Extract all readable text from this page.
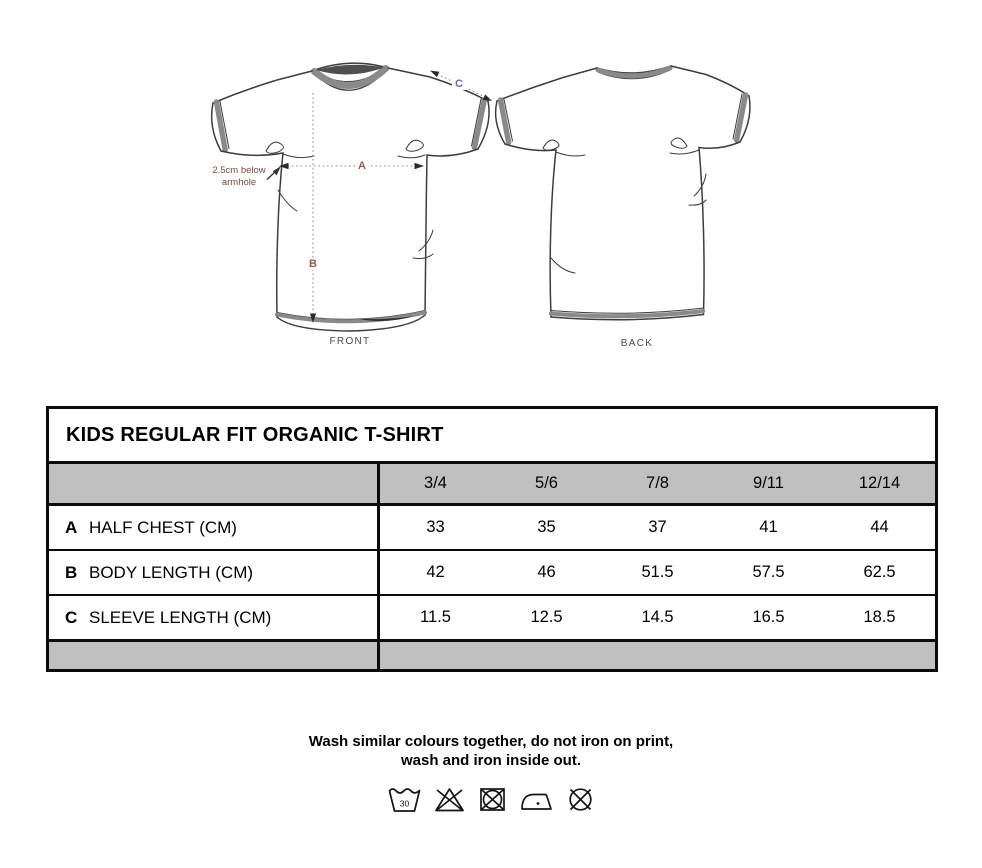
2.5cm below
armhole
A
B
C
FRONT	BACK
KIDS REGULAR FIT ORGANIC T-SHIRT
3/4	5/6	7/8	9/11	12/14
A HALF CHEST (CM)	33	35	37	41	44
B BODY LENGTH (CM)	42	46	51.5	57.5	62.5
C SLEEVE LENGTH (CM)	11.5	12.5	14.5	16.5	18.5
Wash similar colours together, do not iron on print,
wash and iron inside out.
30
